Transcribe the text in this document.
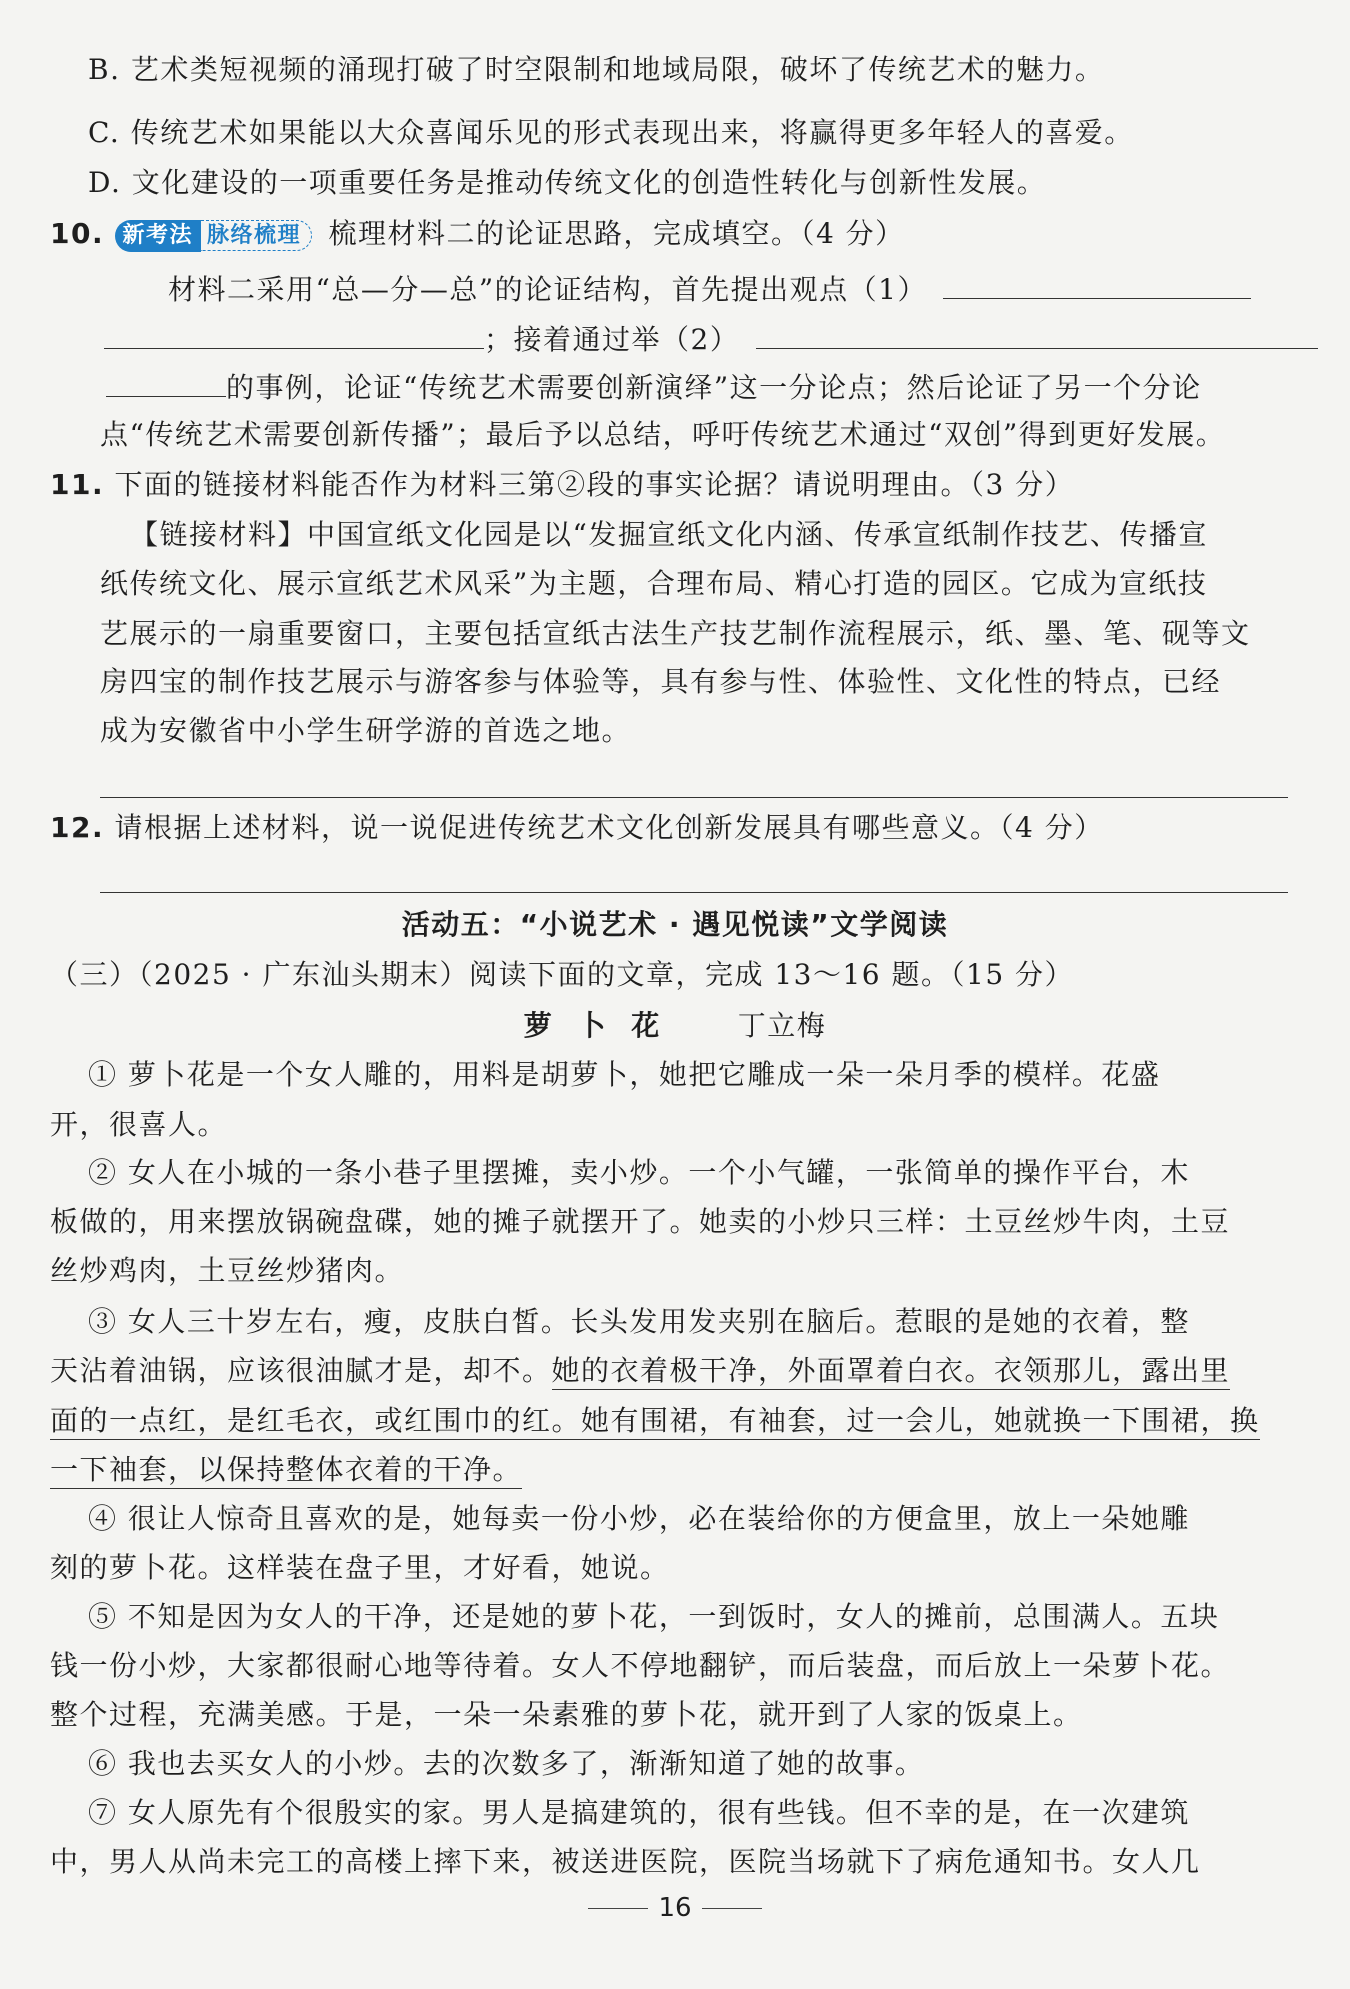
B. 艺术类短视频的涌现打破了时空限制和地域局限，破坏了传统艺术的魅力。
C. 传统艺术如果能以大众喜闻乐见的形式表现出来，将赢得更多年轻人的喜爱。
D. 文化建设的一项重要任务是推动传统文化的创造性转化与创新性发展。
10. 新考法 脉络梳理 梳理材料二的论证思路，完成填空。（4 分）
材料二采用“总—分—总”的论证结构，首先提出观点（1）
；接着通过举（2）
的事例，论证“传统艺术需要创新演绎”这一分论点；然后论证了另一个分论
点“传统艺术需要创新传播”；最后予以总结，呼吁传统艺术通过“双创”得到更好发展。
11. 下面的链接材料能否作为材料三第②段的事实论据？请说明理由。（3 分）
【链接材料】中国宣纸文化园是以“发掘宣纸文化内涵、传承宣纸制作技艺、传播宣
纸传统文化、展示宣纸艺术风采”为主题，合理布局、精心打造的园区。它成为宣纸技
艺展示的一扇重要窗口，主要包括宣纸古法生产技艺制作流程展示，纸、墨、笔、砚等文
房四宝的制作技艺展示与游客参与体验等，具有参与性、体验性、文化性的特点，已经
成为安徽省中小学生研学游的首选之地。
12. 请根据上述材料，说一说促进传统艺术文化创新发展具有哪些意义。（4 分）
活动五：“小说艺术 · 遇见悦读”文学阅读
（三）（2025 · 广东汕头期末）阅读下面的文章，完成 13～16 题。（15 分）
萝 卜 花	丁立梅
① 萝卜花是一个女人雕的，用料是胡萝卜，她把它雕成一朵一朵月季的模样。花盛
开，很喜人。
② 女人在小城的一条小巷子里摆摊，卖小炒。一个小气罐，一张简单的操作平台，木
板做的，用来摆放锅碗盘碟，她的摊子就摆开了。她卖的小炒只三样：土豆丝炒牛肉，土豆
丝炒鸡肉，土豆丝炒猪肉。
③ 女人三十岁左右，瘦，皮肤白皙。长头发用发夹别在脑后。惹眼的是她的衣着，整
天沾着油锅，应该很油腻才是，却不。她的衣着极干净，外面罩着白衣。衣领那儿，露出里
面的一点红，是红毛衣，或红围巾的红。她有围裙，有袖套，过一会儿，她就换一下围裙，换
一下袖套，以保持整体衣着的干净。
④ 很让人惊奇且喜欢的是，她每卖一份小炒，必在装给你的方便盒里，放上一朵她雕
刻的萝卜花。这样装在盘子里，才好看，她说。
⑤ 不知是因为女人的干净，还是她的萝卜花，一到饭时，女人的摊前，总围满人。五块
钱一份小炒，大家都很耐心地等待着。女人不停地翻铲，而后装盘，而后放上一朵萝卜花。
整个过程，充满美感。于是，一朵一朵素雅的萝卜花，就开到了人家的饭桌上。
⑥ 我也去买女人的小炒。去的次数多了，渐渐知道了她的故事。
⑦ 女人原先有个很殷实的家。男人是搞建筑的，很有些钱。但不幸的是，在一次建筑
中，男人从尚未完工的高楼上摔下来，被送进医院，医院当场就下了病危通知书。女人几
16
